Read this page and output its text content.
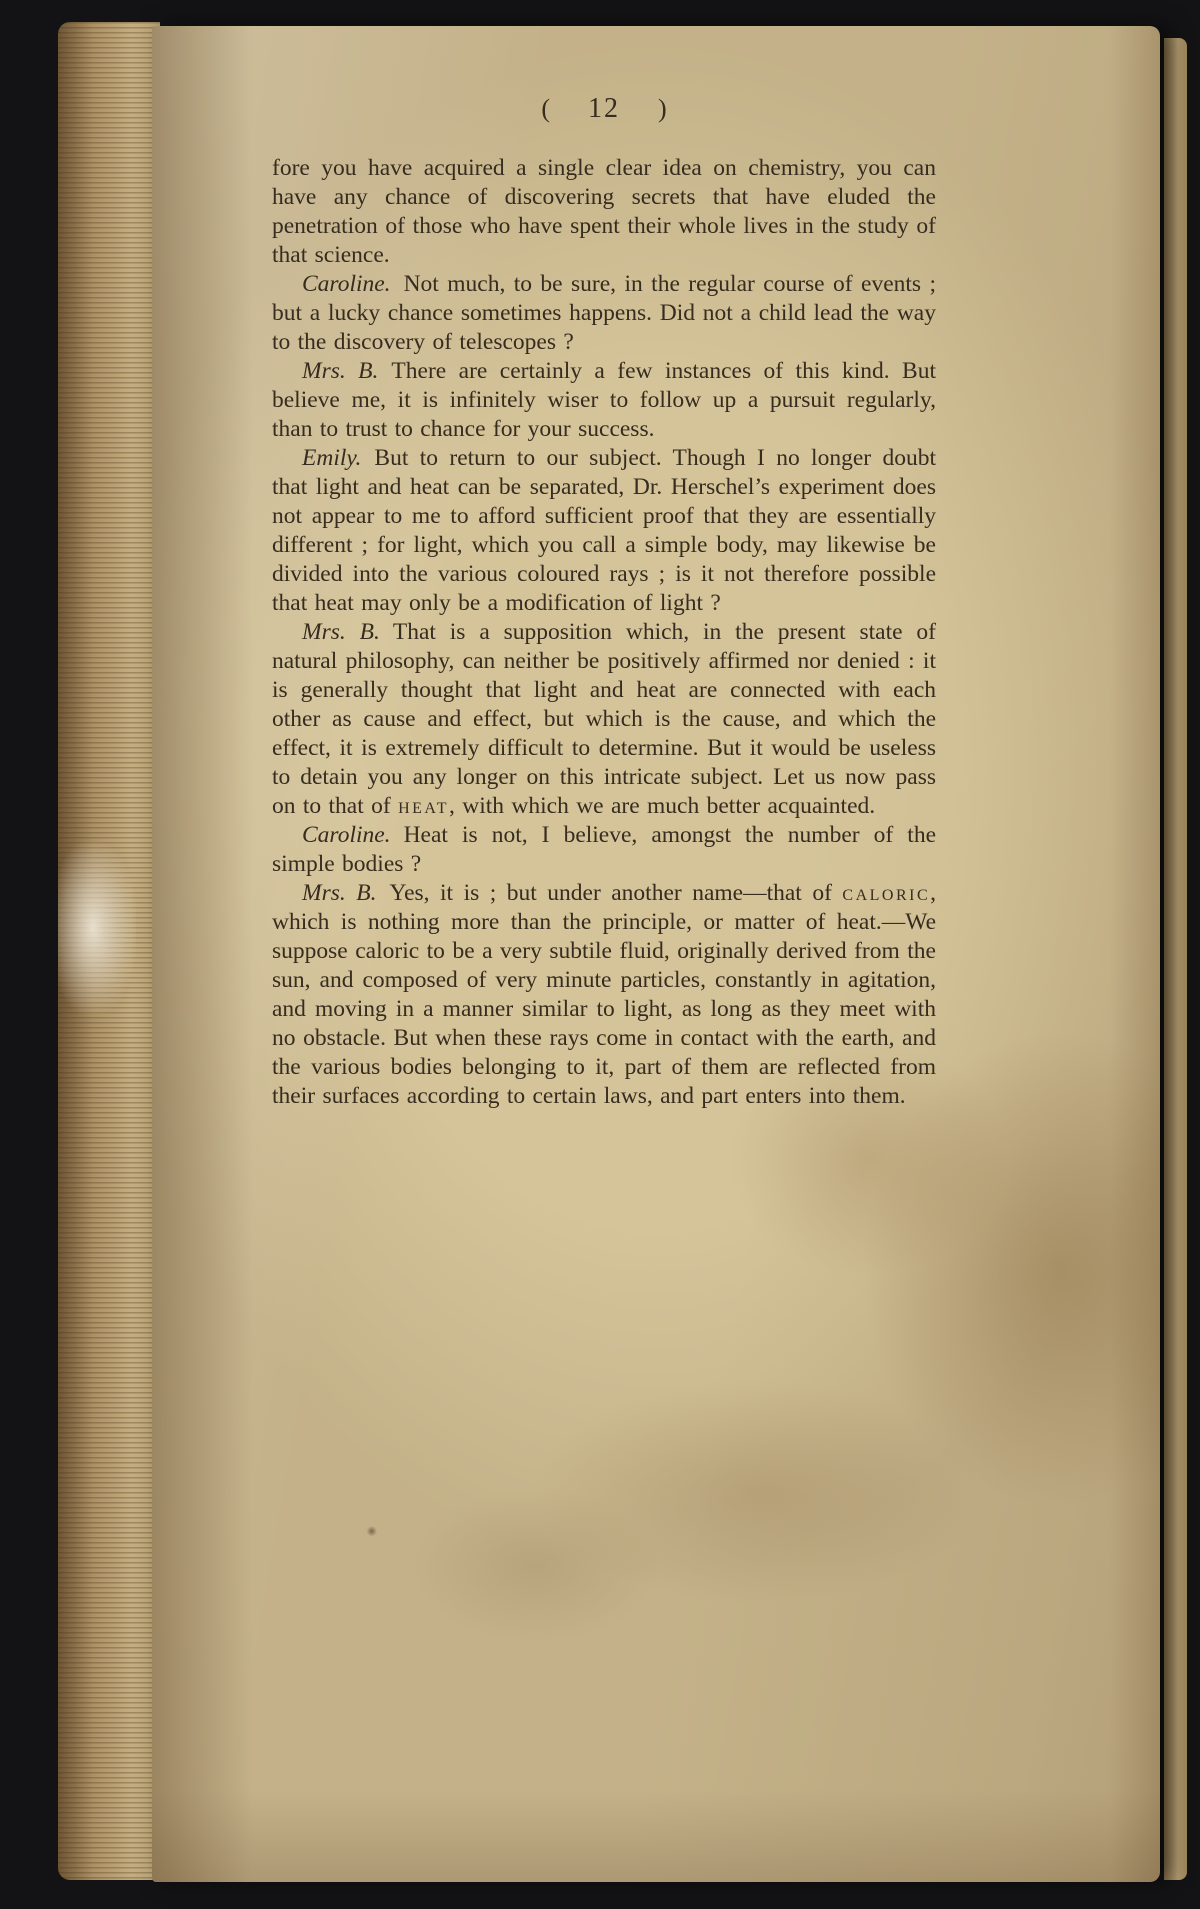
( 12 )

fore you have acquired a single clear idea on chemistry, you can have any chance of discovering secrets that have eluded the penetration of those who have spent their whole lives in the study of that science.

Caroline. Not much, to be sure, in the regular course of events ; but a lucky chance sometimes happens. Did not a child lead the way to the discovery of telescopes ?

Mrs. B. There are certainly a few instances of this kind. But believe me, it is infinitely wiser to follow up a pursuit regularly, than to trust to chance for your success.

Emily. But to return to our subject. Though I no longer doubt that light and heat can be separated, Dr. Herschel’s experiment does not appear to me to afford sufficient proof that they are essentially different ; for light, which you call a simple body, may likewise be divided into the various coloured rays ; is it not therefore possible that heat may only be a modification of light ?

Mrs. B. That is a supposition which, in the present state of natural philosophy, can neither be positively affirmed nor denied : it is generally thought that light and heat are connected with each other as cause and effect, but which is the cause, and which the effect, it is extremely difficult to determine. But it would be useless to detain you any longer on this intricate subject. Let us now pass on to that of heat, with which we are much better acquainted.

Caroline. Heat is not, I believe, amongst the number of the simple bodies ?

Mrs. B. Yes, it is ; but under another name—that of caloric, which is nothing more than the principle, or matter of heat.—We suppose caloric to be a very subtile fluid, originally derived from the sun, and composed of very minute particles, constantly in agitation, and moving in a manner similar to light, as long as they meet with no obstacle. But when these rays come in contact with the earth, and the various bodies belonging to it, part of them are reflected from their surfaces according to certain laws, and part enters into them.
